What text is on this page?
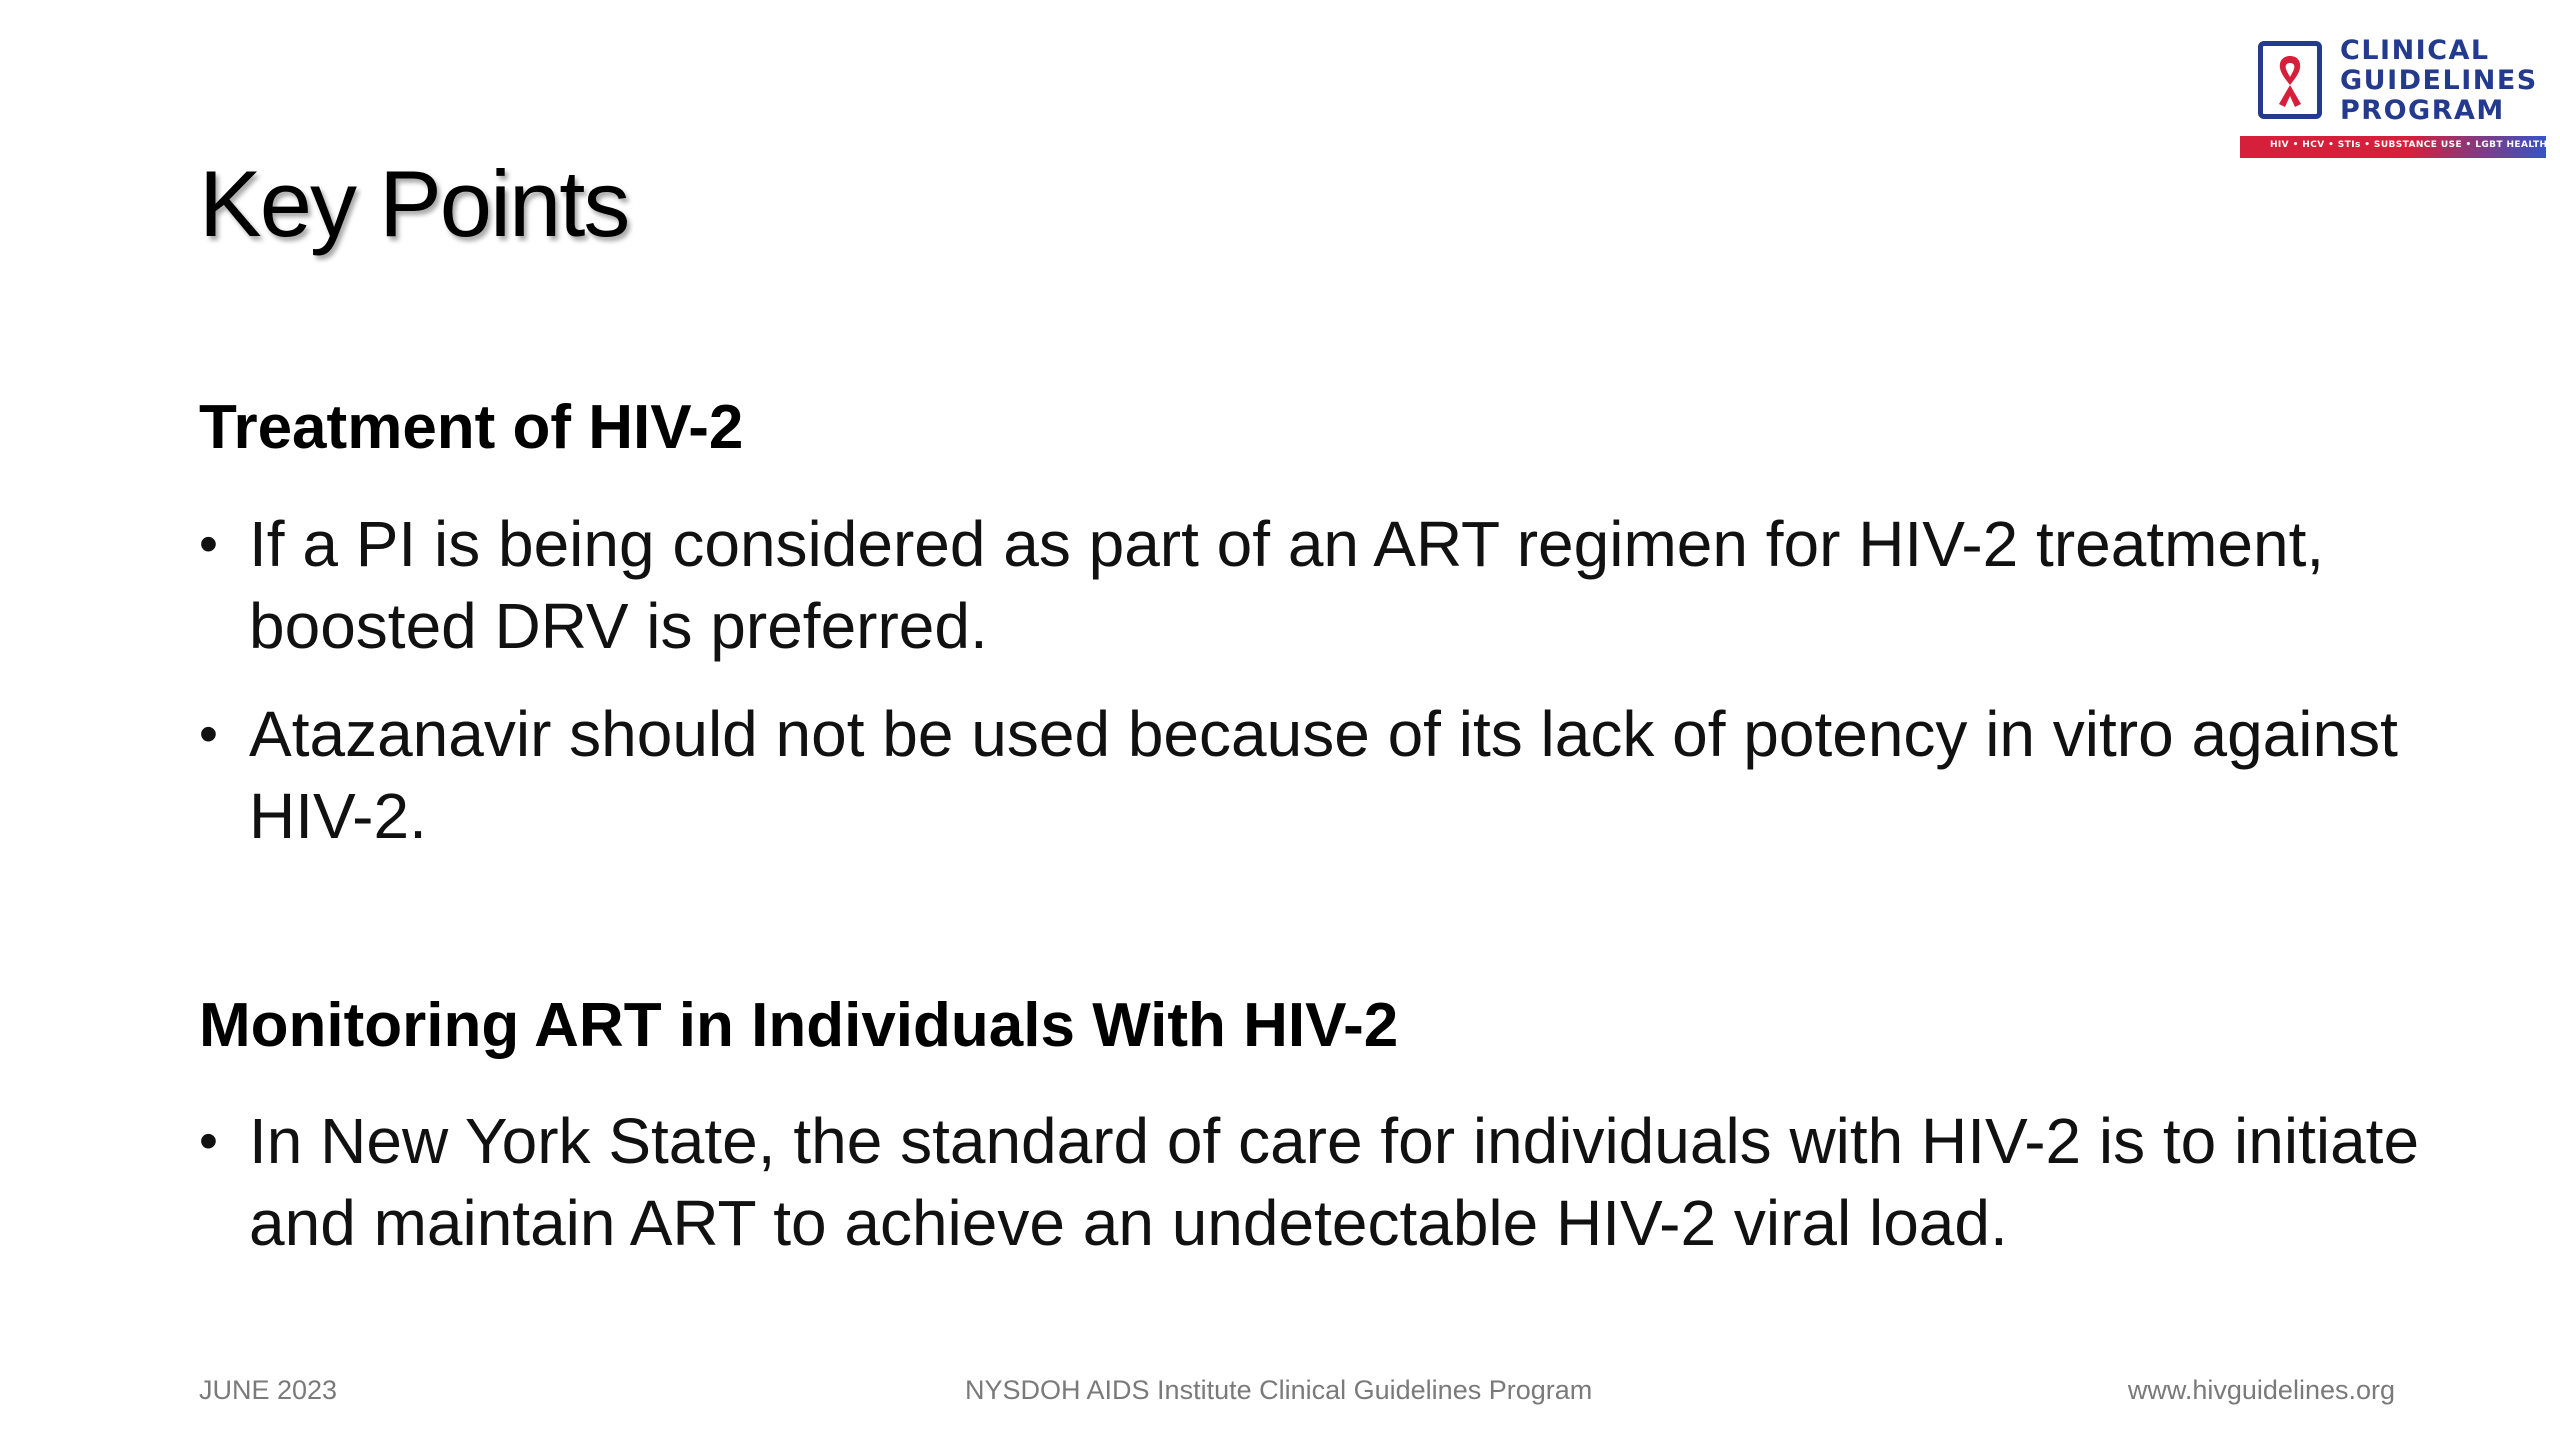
CLINICAL
GUIDELINES
PROGRAM
HIV • HCV • STIs • SUBSTANCE USE • LGBT HEALTH
Key Points
Treatment of HIV-2
• If a PI is being considered as part of an ART regimen for HIV-2 treatment, boosted DRV is preferred.
• Atazanavir should not be used because of its lack of potency in vitro against HIV-2.
Monitoring ART in Individuals With HIV-2
• In New York State, the standard of care for individuals with HIV-2 is to initiate and maintain ART to achieve an undetectable HIV-2 viral load.
JUNE 2023	NYSDOH AIDS Institute Clinical Guidelines Program	www.hivguidelines.org
